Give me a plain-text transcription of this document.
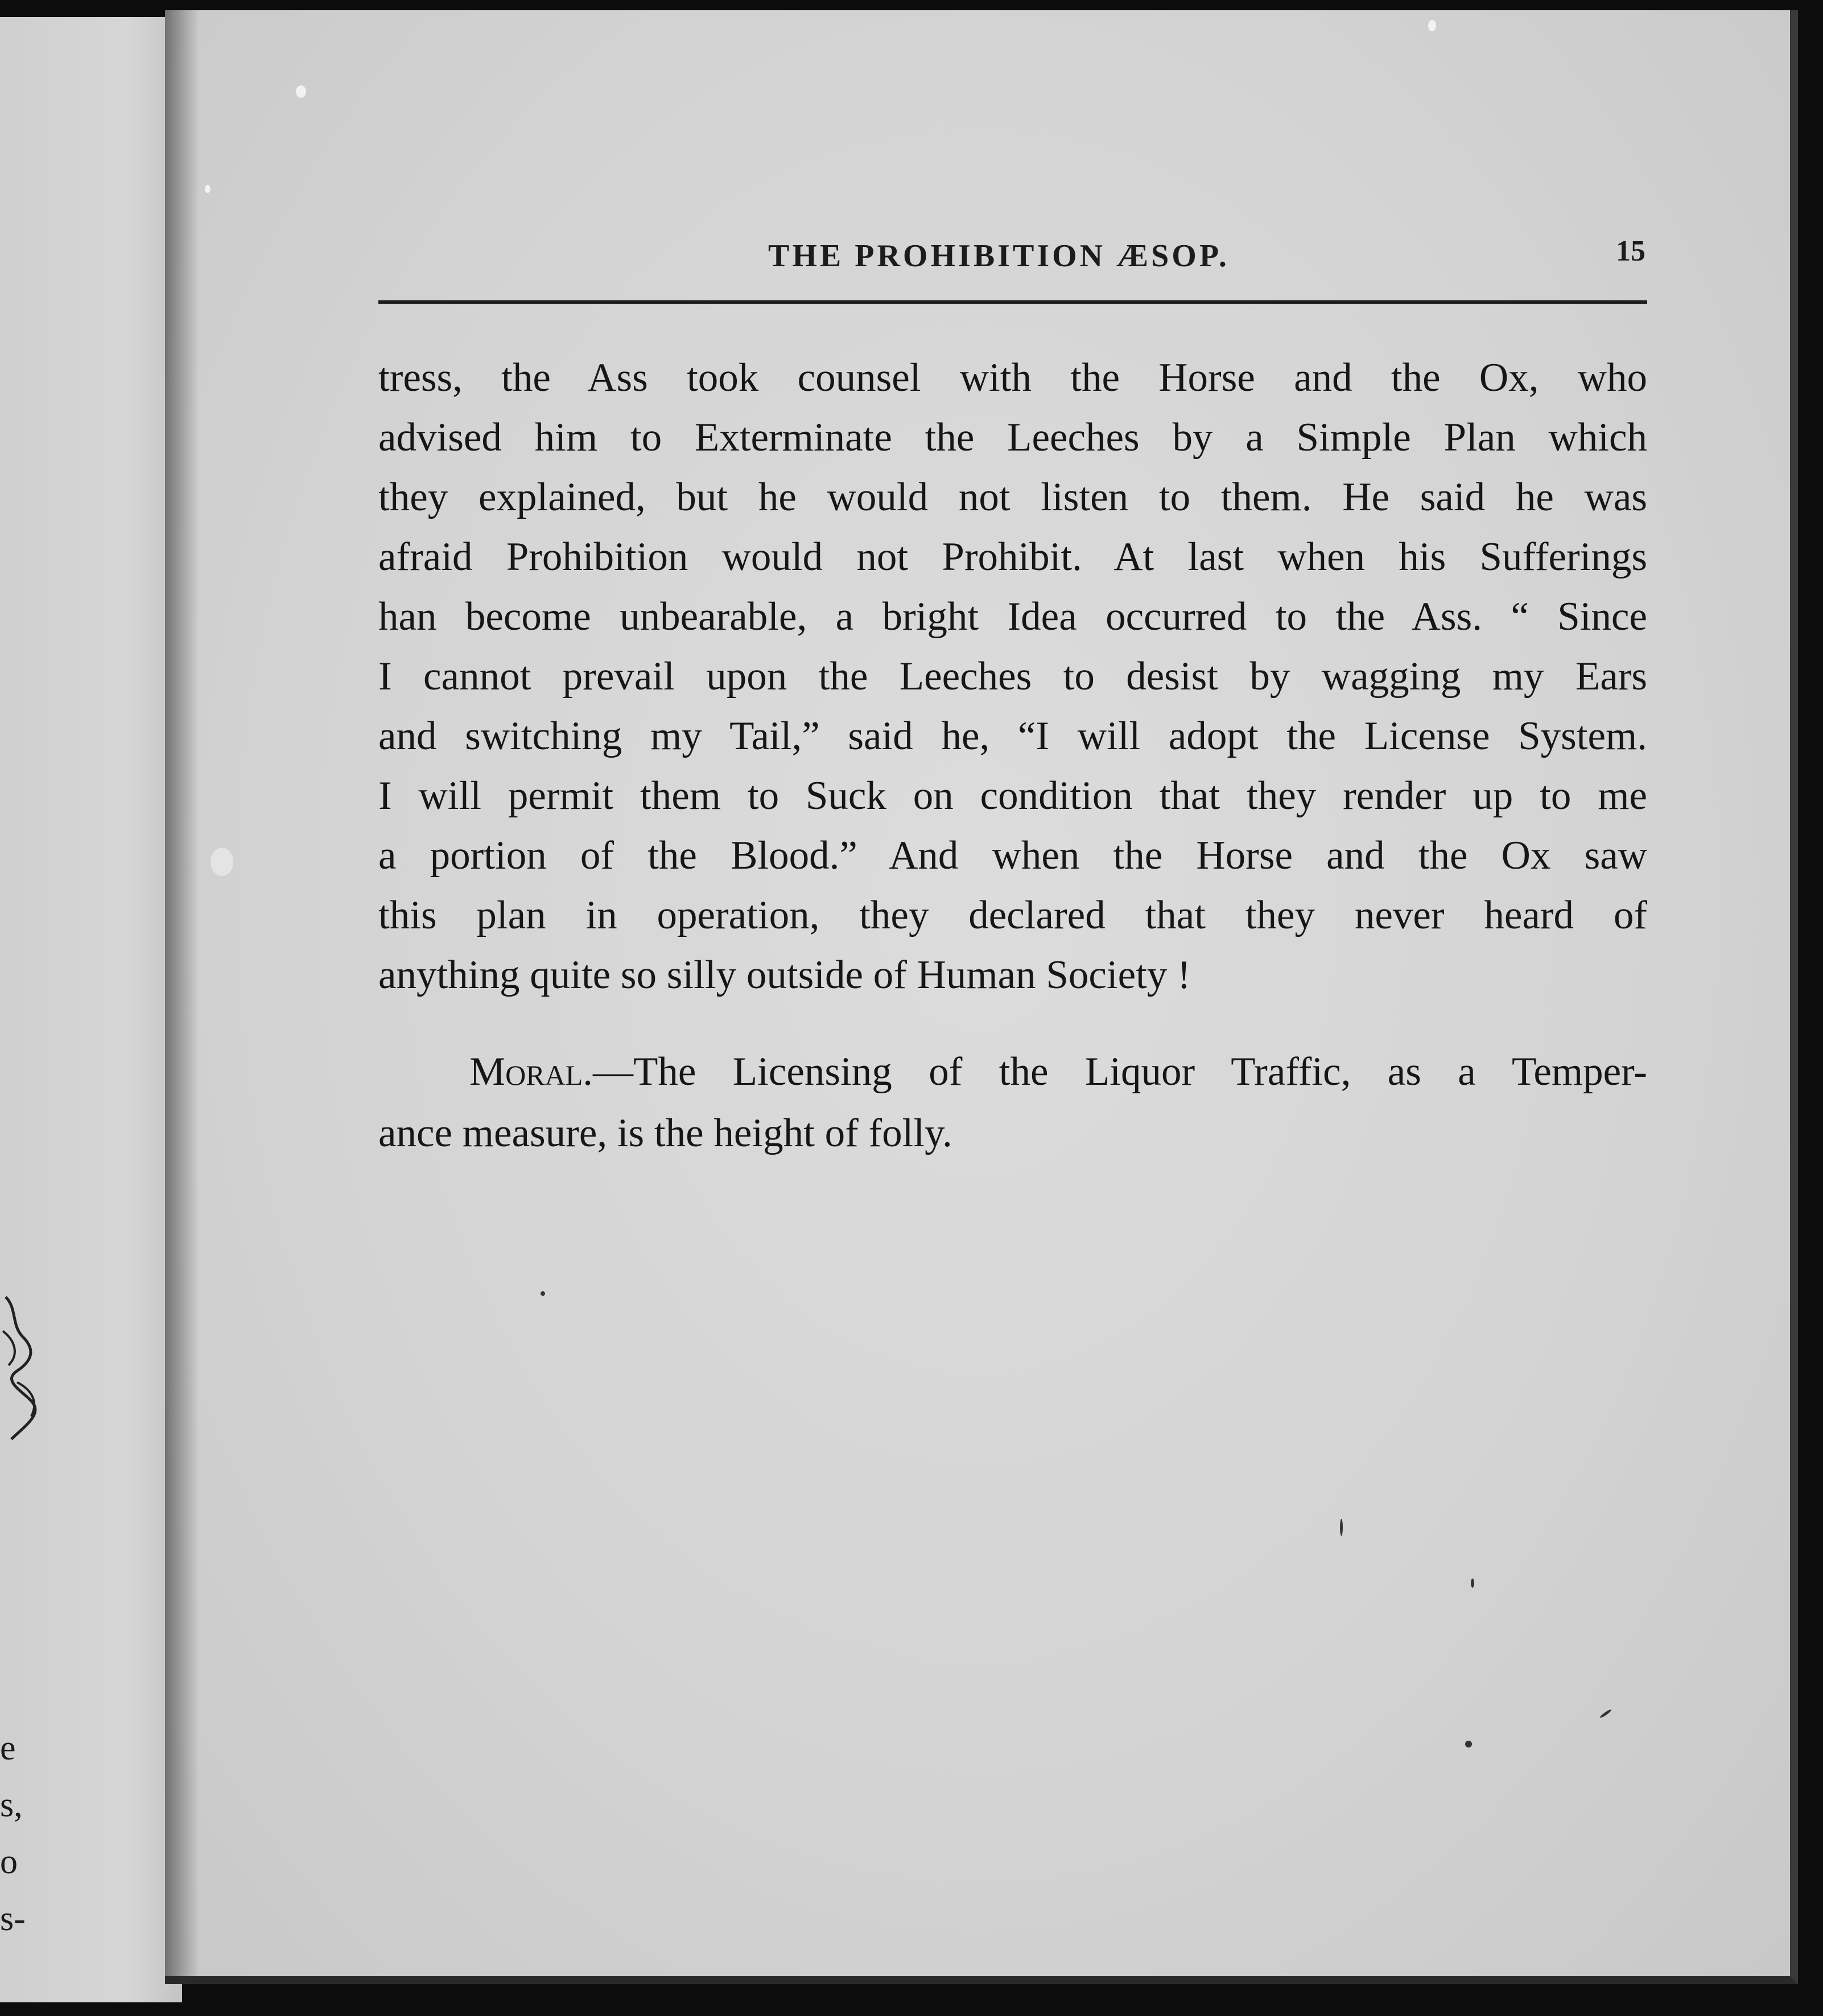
e
s,
o
s-
THE PROHIBITION ÆSOP.	15
tress, the Ass took counsel with the Horse and the Ox, who
advised him to Exterminate the Leeches by a Simple Plan which
they explained, but he would not listen to them. He said he was
afraid Prohibition would not Prohibit. At last when his Sufferings
han become unbearable, a bright Idea occurred to the Ass. “ Since
I cannot prevail upon the Leeches to desist by wagging my Ears
and switching my Tail,” said he, “I will adopt the License System.
I will permit them to Suck on condition that they render up to me
a portion of the Blood.” And when the Horse and the Ox saw
this plan in operation, they declared that they never heard of
anything quite so silly outside of Human Society !
Moral.—The Licensing of the Liquor Traffic, as a Temper-
ance measure, is the height of folly.
